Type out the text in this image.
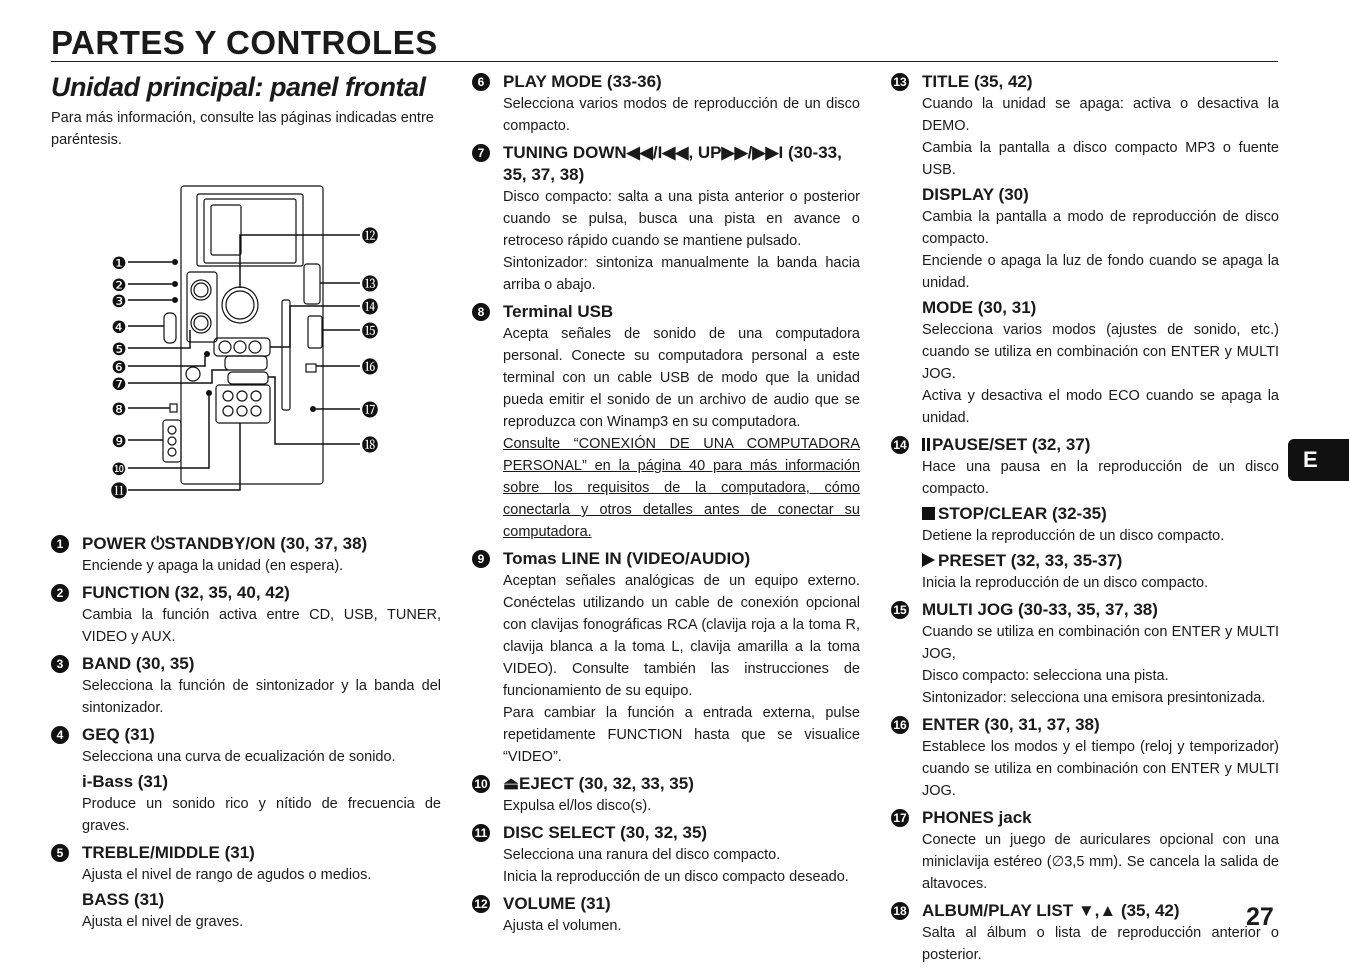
PARTES Y CONTROLES
Unidad principal: panel frontal

Para más información, consulte las páginas indicadas entre paréntesis.

❶
❷
❸
❹
❺
❻
❼
❽
❾
❿
⓫
⓬
⓭
⓮
⓯
⓰
⓱
⓲
1	POWER ⏻STANDBY/ON (30, 37, 38)
Enciende y apaga la unidad (en espera).
2	FUNCTION (32, 35, 40, 42)
Cambia la función activa entre CD, USB, TUNER, VIDEO y AUX.
3	BAND (30, 35)
Selecciona la función de sintonizador y la banda del sintonizador.
4	GEQ (31)
Selecciona una curva de ecualización de sonido.
i-Bass (31)
Produce un sonido rico y nítido de frecuencia de graves.
5	TREBLE/MIDDLE (31)
Ajusta el nivel de rango de agudos o medios.
BASS (31)
Ajusta el nivel de graves.
6	PLAY MODE (33-36)
Selecciona varios modos de reproducción de un disco compacto.
7	TUNING DOWN◀◀/I◀◀, UP▶▶/▶▶I (30-33, 35, 37, 38)

Disco compacto: salta a una pista anterior o posterior cuando se pulsa, busca una pista en avance o retroceso rápido cuando se mantiene pulsado.

Sintonizador: sintoniza manualmente la banda hacia arriba o abajo.

8	Terminal USB

Acepta señales de sonido de una computadora personal. Conecte su computadora personal a este terminal con un cable USB de modo que la unidad pueda emitir el sonido de un archivo de audio que se reproduzca con Winamp3 en su computadora.

Consulte “CONEXIÓN DE UNA COMPUTADORA PERSONAL” en la página 40 para más información sobre los requisitos de la computadora, cómo conectarla y otros detalles antes de conectar su computadora.

9	Tomas LINE IN (VIDEO/AUDIO)

Aceptan señales analógicas de un equipo externo. Conéctelas utilizando un cable de conexión opcional con clavijas fonográficas RCA (clavija roja a la toma R, clavija blanca a la toma L, clavija amarilla a la toma VIDEO). Consulte también las instrucciones de funcionamiento de su equipo.

Para cambiar la función a entrada externa, pulse repetidamente FUNCTION hasta que se visualice “VIDEO”.

10 ⏏EJECT (30, 32, 33, 35)
Expulsa el/los disco(s).
11 DISC SELECT (30, 32, 35)

Selecciona una ranura del disco compacto.

Inicia la reproducción de un disco compacto deseado.

12 VOLUME (31)
Ajusta el volumen.
13 TITLE (35, 42)

Cuando la unidad se apaga: activa o desactiva la DEMO.

Cambia la pantalla a disco compacto MP3 o fuente USB.

DISPLAY (30)

Cambia la pantalla a modo de reproducción de disco compacto.

Enciende o apaga la luz de fondo cuando se apaga la unidad.

MODE (30, 31)

Selecciona varios modos (ajustes de sonido, etc.) cuando se utiliza en combinación con ENTER y MULTI JOG.

Activa y desactiva el modo ECO cuando se apaga la unidad.

14 PAUSE/SET (32, 37)
Hace una pausa en la reproducción de un disco compacto.
STOP/CLEAR (32-35)
Detiene la reproducción de un disco compacto.
PRESET (32, 33, 35-37)
Inicia la reproducción de un disco compacto.
15 MULTI JOG (30-33, 35, 37, 38)

Cuando se utiliza en combinación con ENTER y MULTI JOG,

Disco compacto: selecciona una pista.

Sintonizador: selecciona una emisora presintonizada.

16 ENTER (30, 31, 37, 38)
Establece los modos y el tiempo (reloj y temporizador) cuando se utiliza en combinación con ENTER y MULTI JOG.
17 PHONES jack
Conecte un juego de auriculares opcional con una miniclavija estéreo (∅3,5 mm). Se cancela la salida de altavoces.
18 ALBUM/PLAY LIST ▼,▲ (35, 42)
Salta al álbum o lista de reproducción anterior o posterior.
E
27
